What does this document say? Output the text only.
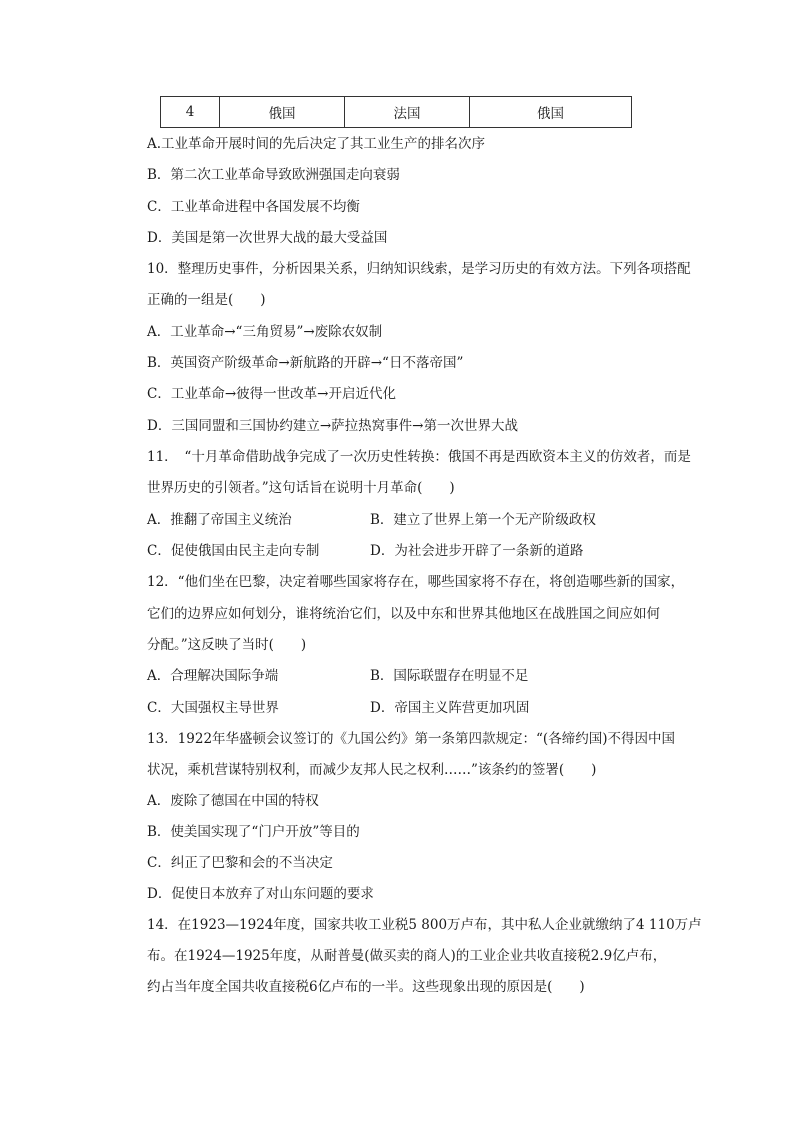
4	俄国	法国	俄国
A.工业革命开展时间的先后决定了其工业生产的排名次序
B．第二次工业革命导致欧洲强国走向衰弱
C．工业革命进程中各国发展不均衡
D．美国是第一次世界大战的最大受益国
10．整理历史事件，分析因果关系，归纳知识线索，是学习历史的有效方法。下列各项搭配
正确的一组是(　　)
A．工业革命→“三角贸易”→废除农奴制
B．英国资产阶级革命→新航路的开辟→“日不落帝国”
C．工业革命→彼得一世改革→开启近代化
D．三国同盟和三国协约建立→萨拉热窝事件→第一次世界大战
11．　“十月革命借助战争完成了一次历史性转换：俄国不再是西欧资本主义的仿效者，而是
世界历史的引领者。”这句话旨在说明十月革命(　　)
A．推翻了帝国主义统治	B．建立了世界上第一个无产阶级政权
C．促使俄国由民主走向专制	D．为社会进步开辟了一条新的道路
12．“他们坐在巴黎，决定着哪些国家将存在，哪些国家将不存在，将创造哪些新的国家，
它们的边界应如何划分，谁将统治它们，以及中东和世界其他地区在战胜国之间应如何
分配。”这反映了当时(　　)
A．合理解决国际争端	B．国际联盟存在明显不足
C．大国强权主导世界	D．帝国主义阵营更加巩固
13．1922年华盛顿会议签订的《九国公约》第一条第四款规定：“(各缔约国)不得因中国
状况，乘机营谋特别权利，而减少友邦人民之权利……”该条约的签署(　　)
A．废除了德国在中国的特权
B．使美国实现了“门户开放”等目的
C．纠正了巴黎和会的不当决定
D．促使日本放弃了对山东问题的要求
14．在1923—1924年度，国家共收工业税5 800万卢布，其中私人企业就缴纳了4 110万卢
布。在1924—1925年度，从耐普曼(做买卖的商人)的工业企业共收直接税2.9亿卢布，
约占当年度全国共收直接税6亿卢布的一半。这些现象出现的原因是(　　)
